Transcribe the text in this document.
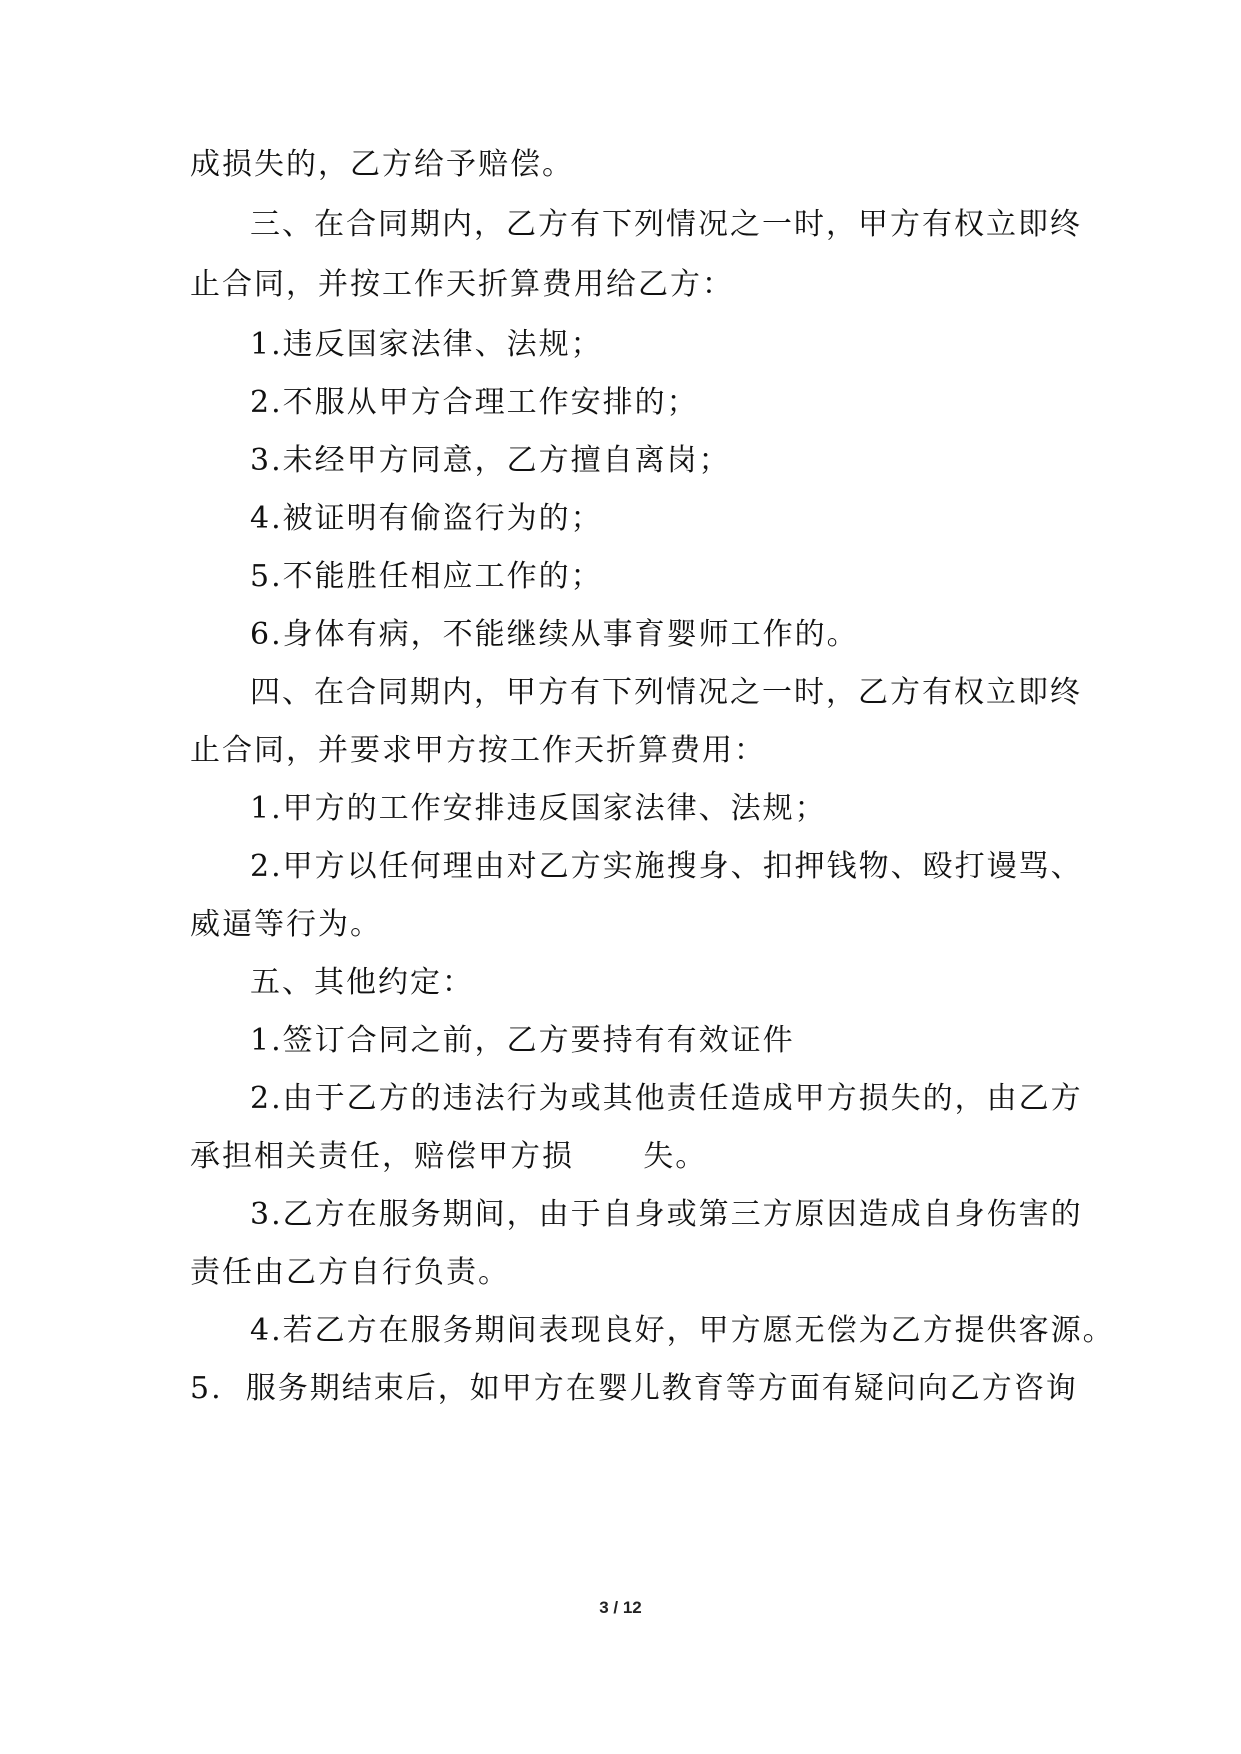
成损失的，乙方给予赔偿。
三、在合同期内，乙方有下列情况之一时，甲方有权立即终
止合同，并按工作天折算费用给乙方：
1.违反国家法律、法规；
2.不服从甲方合理工作安排的；
3.未经甲方同意，乙方擅自离岗；
4.被证明有偷盗行为的；
5.不能胜任相应工作的；
6.身体有病，不能继续从事育婴师工作的。
四、在合同期内，甲方有下列情况之一时，乙方有权立即终
止合同，并要求甲方按工作天折算费用：
1.甲方的工作安排违反国家法律、法规；
2.甲方以任何理由对乙方实施搜身、扣押钱物、殴打谩骂、
威逼等行为。
五、其他约定：
1.签订合同之前，乙方要持有有效证件
2.由于乙方的违法行为或其他责任造成甲方损失的，由乙方
承担相关责任，赔偿甲方损      失。
3.乙方在服务期间，由于自身或第三方原因造成自身伤害的
责任由乙方自行负责。
4.若乙方在服务期间表现良好，甲方愿无偿为乙方提供客源。
5.  服务期结束后，如甲方在婴儿教育等方面有疑问向乙方咨询
3 / 12
